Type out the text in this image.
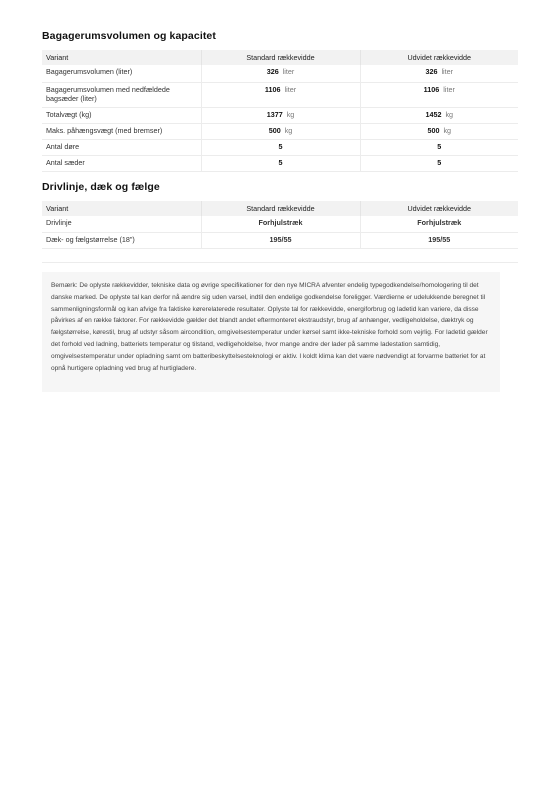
Bagagerumsvolumen og kapacitet
Variant	Standard rækkevidde	Udvidet rækkevidde
Bagagerumsvolumen (liter)	326 liter	326 liter
Bagagerumsvolumen med nedfældede bagsæder (liter)	1106 liter	1106 liter
Totalvægt (kg)	1377 kg	1452 kg
Maks. påhængsvægt (med bremser)	500 kg	500 kg
Antal døre	5	5
Antal sæder	5	5
Drivlinje, dæk og fælge
Variant	Standard rækkevidde	Udvidet rækkevidde
Drivlinje	Forhjulstræk	Forhjulstræk
Dæk- og fælgstørrelse (18")	195/55	195/55

Bemærk: De oplyste rækkevidder, tekniske data og øvrige specifikationer for den nye MICRA afventer endelig typegodkendelse/homologering til det danske marked. De oplyste tal kan derfor nå ændre sig uden varsel, indtil den endelige godkendelse foreligger. Værdierne er udelukkende beregnet til sammenligningsformål og kan afvige fra faktiske kørerelaterede resultater. Oplyste tal for rækkevidde, energiforbrug og ladetid kan variere, da disse påvirkes af en række faktorer. For rækkevidde gælder det blandt andet eftermonteret ekstraudstyr, brug af anhænger, vedligeholdelse, dæktryk og fælgstørrelse, kørestil, brug af udstyr såsom aircondition, omgivelsestemperatur under kørsel samt ikke-tekniske forhold som vejrlig. For ladetid gælder det forhold ved ladning, batteriets temperatur og tilstand, vedligeholdelse, hvor mange andre der lader på samme ladestation samtidig, omgivelsestemperatur under opladning samt om batteribeskyttelsesteknologi er aktiv. I koldt klima kan det være nødvendigt at forvarme batteriet for at opnå hurtigere opladning ved brug af hurtigladere.
